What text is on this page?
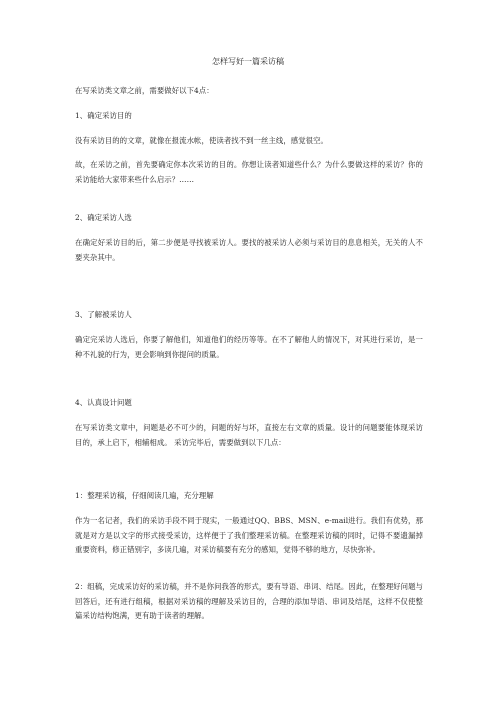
怎样写好一篇采访稿
在写采访类文章之前，需要做好以下4点：
1、确定采访目的
没有采访目的的文章，就像在报流水帐，使读者找不到一丝主线，感觉很空。
故，在采访之前，首先要确定你本次采访的目的。你想让读者知道些什么？为什么要做这样的采访？你的采访能给大家带来些什么启示？……
2、确定采访人选
在确定好采访目的后，第二步便是寻找被采访人。要找的被采访人必须与采访目的息息相关，无关的人不要夹杂其中。
3、了解被采访人
确定完采访人选后，你要了解他们，知道他们的经历等等。在不了解他人的情况下，对其进行采访，是一种不礼貌的行为，更会影响到你提问的质量。
4、认真设计问题
在写采访类文章中，问题是必不可少的，问题的好与坏，直接左右文章的质量。设计的问题要能体现采访目的，承上启下，相辅相成。 采访完毕后，需要做到以下几点：
1：整理采访稿，仔细阅读几遍，充分理解
作为一名记者，我们的采访手段不同于现实，一般通过QQ、BBS、MSN、e-mail进行。我们有优势，那就是对方是以文字的形式接受采访，这样便于了我们整理采访稿。在整理采访稿的同时，记得不要遗漏掉重要资料，修正错别字，多读几遍，对采访稿要有充分的感知，觉得不够的地方，尽快弥补。
2：组稿，完成采访好的采访稿，并不是你问我答的形式，要有导语、串词、结尾。因此，在整理好问题与回答后，还有进行组稿，根据对采访稿的理解及采访目的，合理的添加导语、串词及结尾，这样不仅使整篇采访结构饱满，更有助于读者的理解。
